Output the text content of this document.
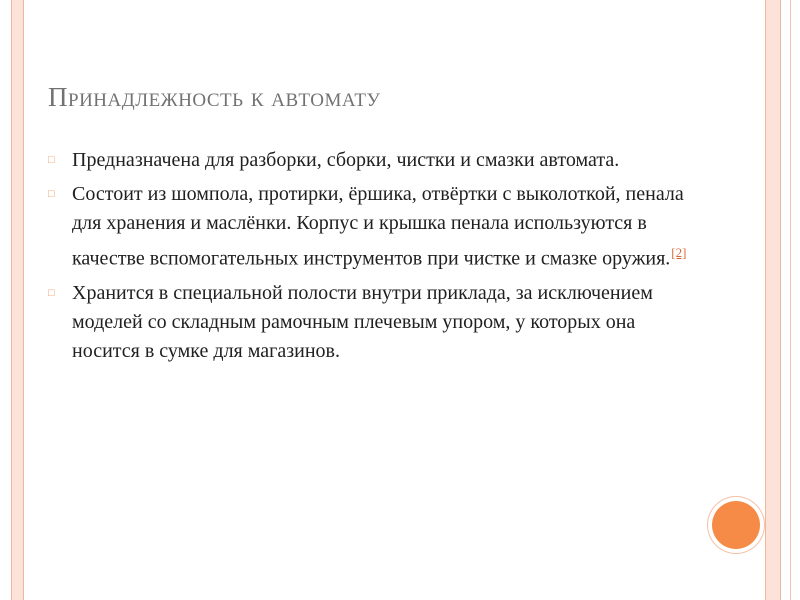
Принадлежность к автомату
□ Предназначена для разборки, сборки, чистки и смазки автомата.
□ Состоит из шомпола, протирки, ёршика, отвёртки с выколоткой, пенала для хранения и маслёнки. Корпус и крышка пенала используются в качестве вспомогательных инструментов при чистке и смазке оружия.[2]
□ Хранится в специальной полости внутри приклада, за исключением моделей со складным рамочным плечевым упором, у которых она носится в сумке для магазинов.
